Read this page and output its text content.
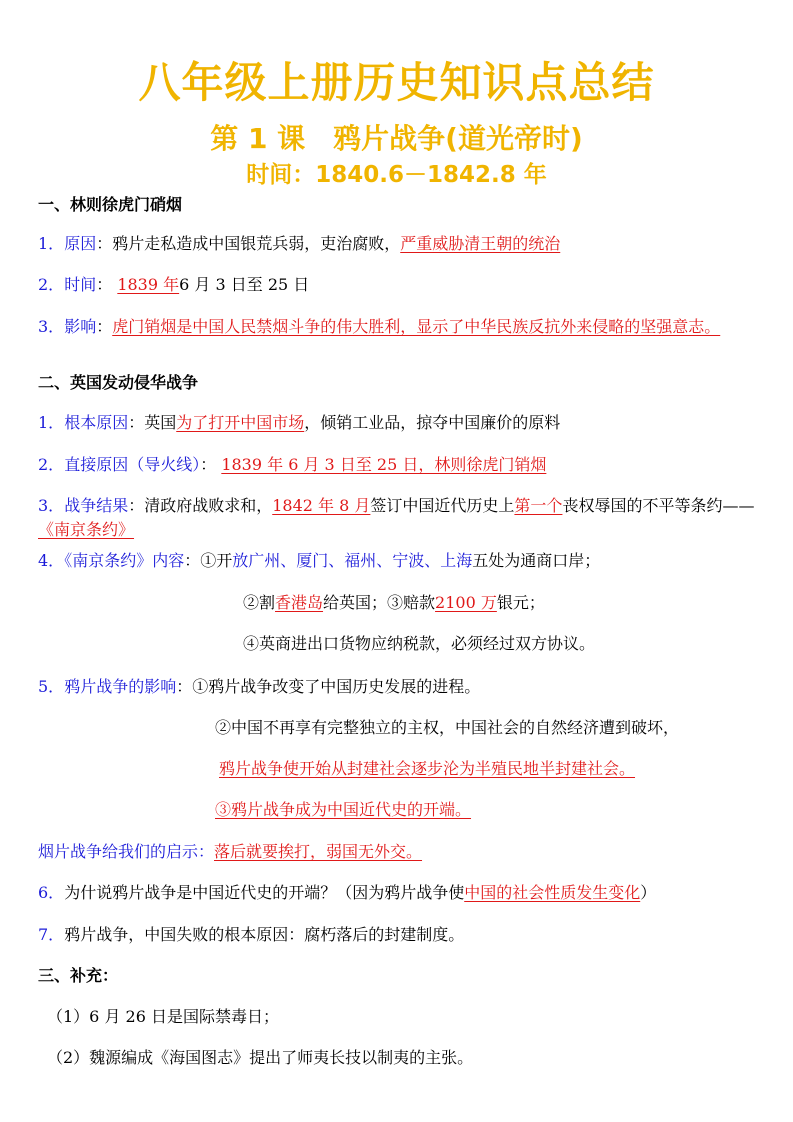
八年级上册历史知识点总结
第 1 课　鸦片战争(道光帝时)
时间：1840.6－1842.8 年
一、林则徐虎门硝烟
1．原因：鸦片走私造成中国银荒兵弱，吏治腐败，严重威胁清王朝的统治
2．时间： 1839 年6 月 3 日至 25 日
3．影响：虎门销烟是中国人民禁烟斗争的伟大胜利，显示了中华民族反抗外来侵略的坚强意志。
二、英国发动侵华战争
1．根本原因：英国为了打开中国市场，倾销工业品，掠夺中国廉价的原料
2．直接原因（导火线）： 1839 年 6 月 3 日至 25 日，林则徐虎门销烟
3．战争结果：清政府战败求和，1842 年 8 月签订中国近代历史上第一个丧权辱国的不平等条约——《南京条约》
4．《南京条约》内容：①开放广州、厦门、福州、宁波、上海五处为通商口岸；
②割香港岛给英国；③赔款2100 万银元；
④英商进出口货物应纳税款，必须经过双方协议。
5．鸦片战争的影响：①鸦片战争改变了中国历史发展的进程。
②中国不再享有完整独立的主权，中国社会的自然经济遭到破坏，
鸦片战争使开始从封建社会逐步沦为半殖民地半封建社会。
③鸦片战争成为中国近代史的开端。
烟片战争给我们的启示：落后就要挨打，弱国无外交。
6．为什说鸦片战争是中国近代史的开端？（因为鸦片战争使中国的社会性质发生变化）
7．鸦片战争，中国失败的根本原因：腐朽落后的封建制度。
三、补充：
（1）6 月 26 日是国际禁毒日；
（2）魏源编成《海国图志》提出了师夷长技以制夷的主张。
